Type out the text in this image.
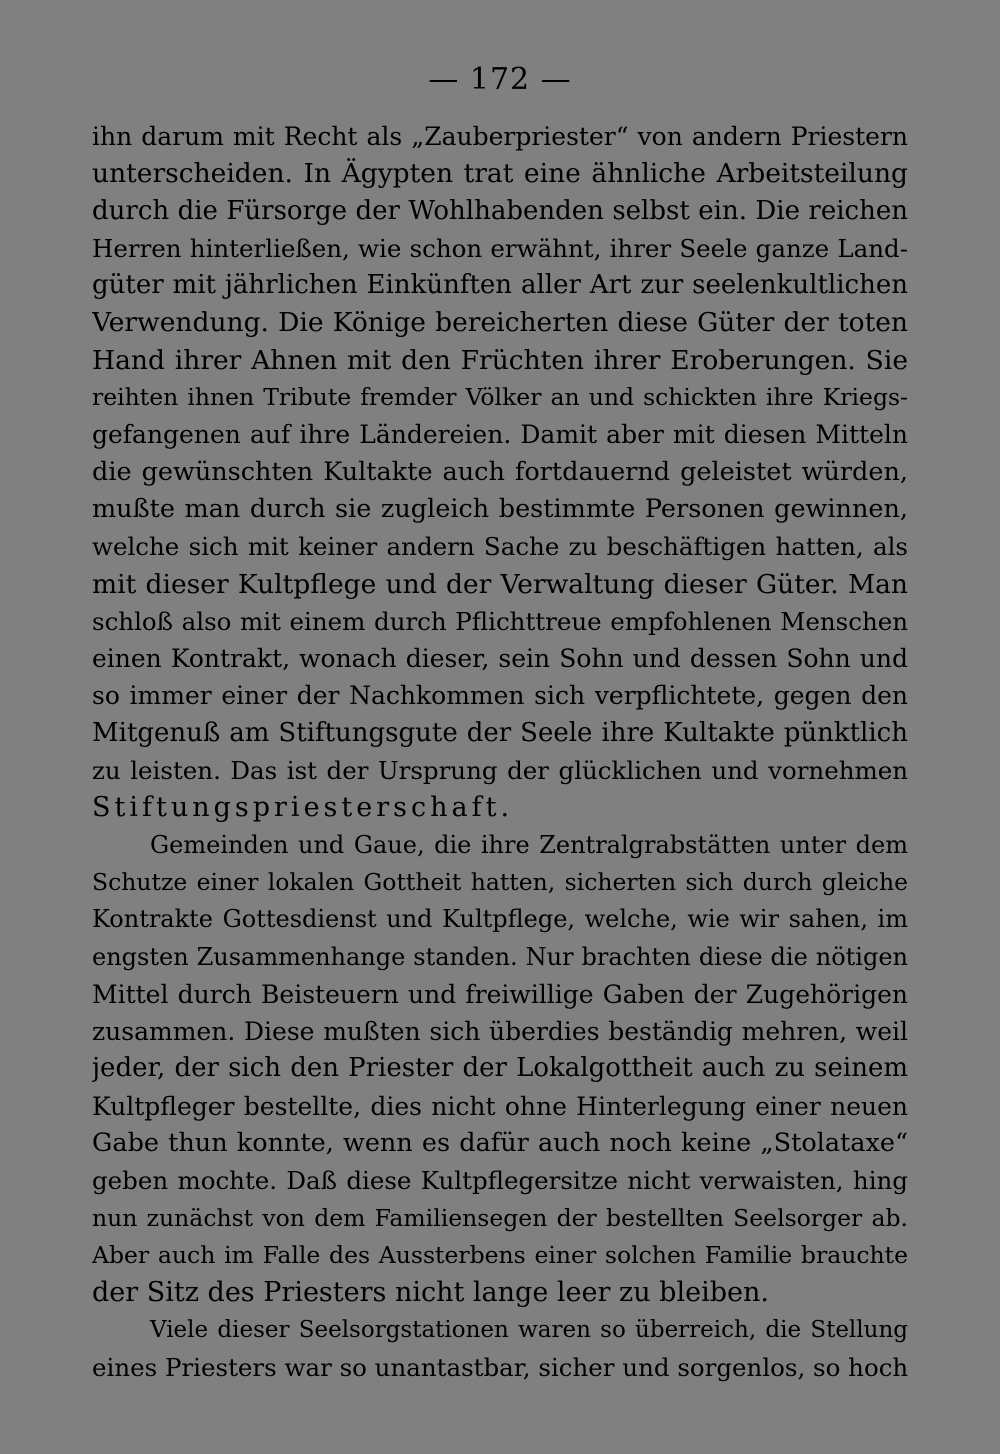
— 172 —
ihn darum mit Recht als „Zauberpriester“ von andern Priestern
unterscheiden. In Ägypten trat eine ähnliche Arbeitsteilung
durch die Fürsorge der Wohlhabenden selbst ein. Die reichen
Herren hinterließen, wie schon erwähnt, ihrer Seele ganze Land-
güter mit jährlichen Einkünften aller Art zur seelenkultlichen
Verwendung. Die Könige bereicherten diese Güter der toten
Hand ihrer Ahnen mit den Früchten ihrer Eroberungen. Sie
reihten ihnen Tribute fremder Völker an und schickten ihre Kriegs-
gefangenen auf ihre Ländereien. Damit aber mit diesen Mitteln
die gewünschten Kultakte auch fortdauernd geleistet würden,
mußte man durch sie zugleich bestimmte Personen gewinnen,
welche sich mit keiner andern Sache zu beschäftigen hatten, als
mit dieser Kultpflege und der Verwaltung dieser Güter. Man
schloß also mit einem durch Pflichttreue empfohlenen Menschen
einen Kontrakt, wonach dieser, sein Sohn und dessen Sohn und
so immer einer der Nachkommen sich verpflichtete, gegen den
Mitgenuß am Stiftungsgute der Seele ihre Kultakte pünktlich
zu leisten. Das ist der Ursprung der glücklichen und vornehmen
Stiftungspriesterschaft.
Gemeinden und Gaue, die ihre Zentralgrabstätten unter dem
Schutze einer lokalen Gottheit hatten, sicherten sich durch gleiche
Kontrakte Gottesdienst und Kultpflege, welche, wie wir sahen, im
engsten Zusammenhange standen. Nur brachten diese die nötigen
Mittel durch Beisteuern und freiwillige Gaben der Zugehörigen
zusammen. Diese mußten sich überdies beständig mehren, weil
jeder, der sich den Priester der Lokalgottheit auch zu seinem
Kultpfleger bestellte, dies nicht ohne Hinterlegung einer neuen
Gabe thun konnte, wenn es dafür auch noch keine „Stolataxe“
geben mochte. Daß diese Kultpflegersitze nicht verwaisten, hing
nun zunächst von dem Familiensegen der bestellten Seelsorger ab.
Aber auch im Falle des Aussterbens einer solchen Familie brauchte
der Sitz des Priesters nicht lange leer zu bleiben.
Viele dieser Seelsorgstationen waren so überreich, die Stellung
eines Priesters war so unantastbar, sicher und sorgenlos, so hoch
